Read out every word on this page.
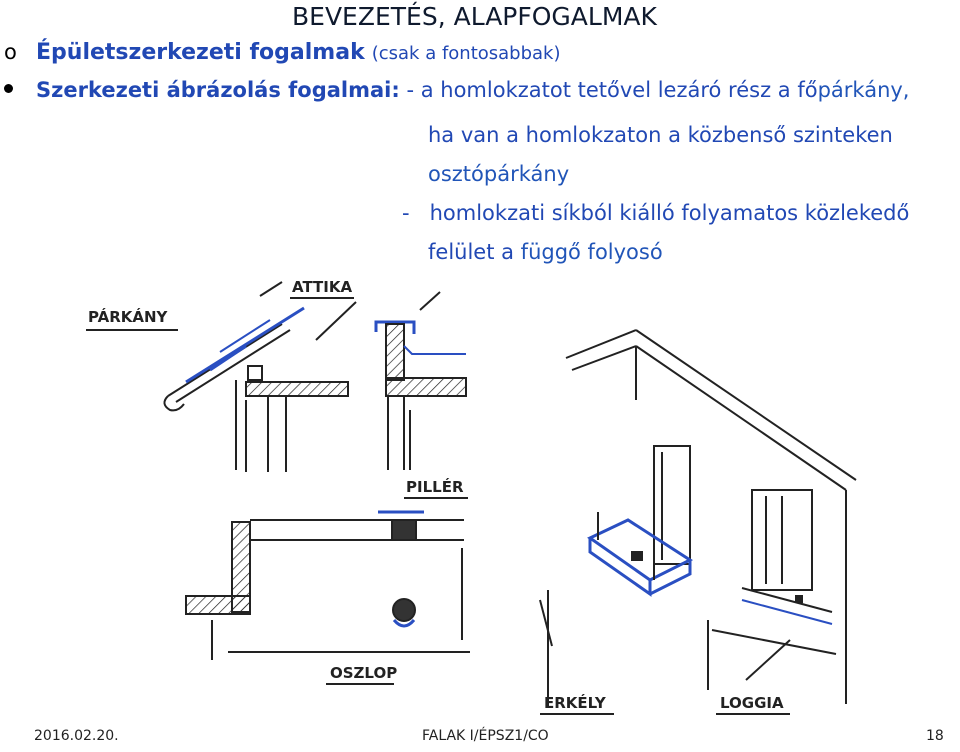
BEVEZETÉS, ALAPFOGALMAK
o Épületszerkezeti fogalmak (csak a fontosabbak)
Szerkezeti ábrázolás fogalmai: - a homlokzatot tetővel lezáró rész a főpárkány,
ha van a homlokzaton a közbenső szinteken
osztópárkány
- homlokzati síkból kiálló folyamatos közlekedő
felület a függő folyosó
PÁRKÁNY
ATTIKA
PILLÉR
OSZLOP
ERKÉLY	LOGGIA
2016.02.20.	FALAK I/ÉPSZ1/CO	18
